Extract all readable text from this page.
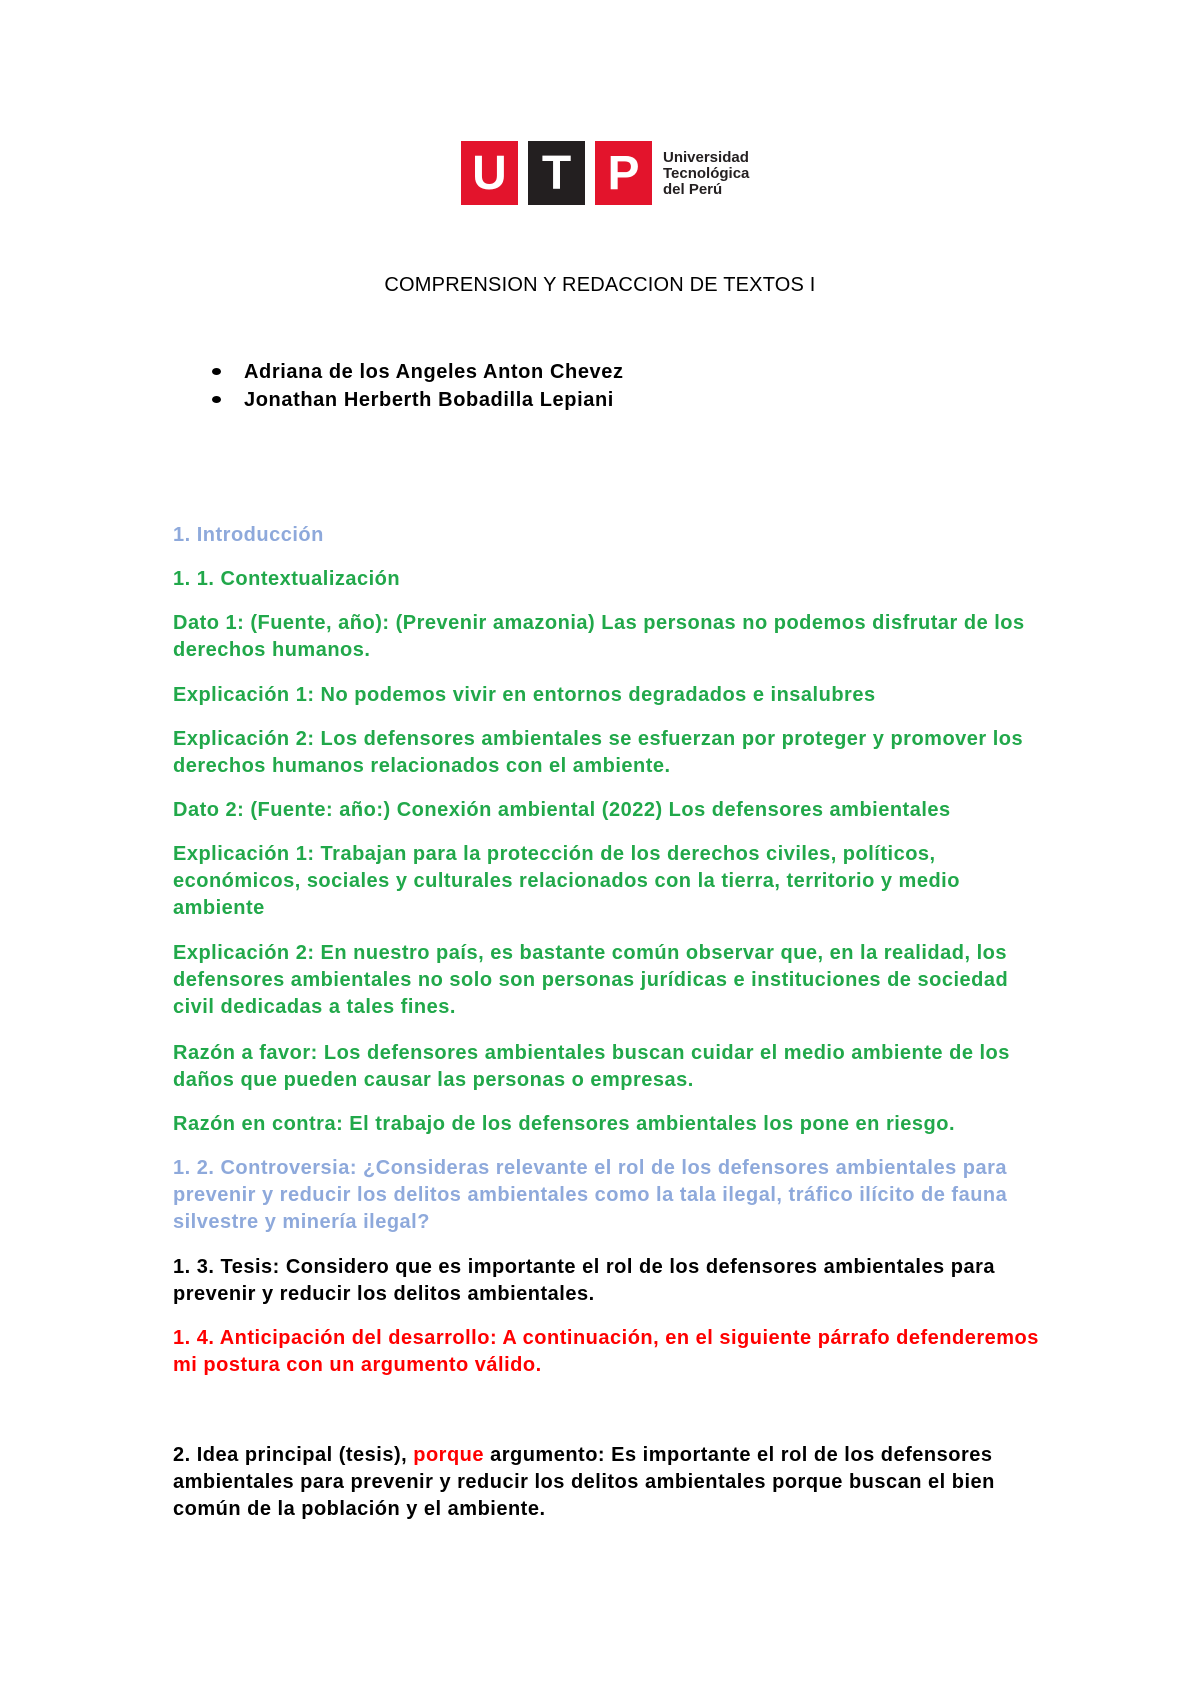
U T P	Universidad
Tecnológica
del Perú
COMPRENSION Y REDACCION DE TEXTOS I
Adriana de los Angeles Anton Chevez
Jonathan Herberth Bobadilla Lepiani

1. Introducción

1. 1. Contextualización

Dato 1: (Fuente, año): (Prevenir amazonia) Las personas no podemos disfrutar de los derechos humanos.

Explicación 1: No podemos vivir en entornos degradados e insalubres

Explicación 2: Los defensores ambientales se esfuerzan por proteger y promover los derechos humanos relacionados con el ambiente.

Dato 2: (Fuente: año:) Conexión ambiental (2022) Los defensores ambientales

Explicación 1: Trabajan para la protección de los derechos civiles, políticos, económicos, sociales y culturales relacionados con la tierra, territorio y medio ambiente

Explicación 2: En nuestro país, es bastante común observar que, en la realidad, los defensores ambientales no solo son personas jurídicas e instituciones de sociedad civil dedicadas a tales fines.

Razón a favor: Los defensores ambientales buscan cuidar el medio ambiente de los daños que pueden causar las personas o empresas.

Razón en contra: El trabajo de los defensores ambientales los pone en riesgo.

1. 2. Controversia: ¿Consideras relevante el rol de los defensores ambientales para prevenir y reducir los delitos ambientales como la tala ilegal, tráfico ilícito de fauna silvestre y minería ilegal?

1. 3. Tesis: Considero que es importante el rol de los defensores ambientales para prevenir y reducir los delitos ambientales.

1. 4. Anticipación del desarrollo: A continuación, en el siguiente párrafo defenderemos mi postura con un argumento válido.

2. Idea principal (tesis), porque argumento: Es importante el rol de los defensores ambientales para prevenir y reducir los delitos ambientales porque buscan el bien común de la población y el ambiente.
